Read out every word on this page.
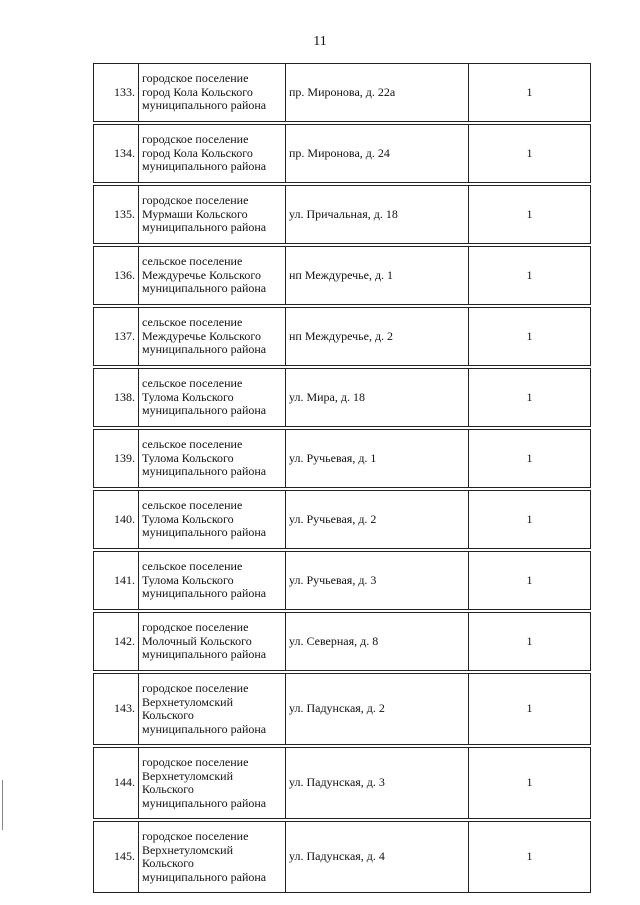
11
133.	городское поселение
город Кола Кольского
муниципального района	пр. Миронова, д. 22а	1

134.	городское поселение
город Кола Кольского
муниципального района	пр. Миронова, д. 24	1

135.	городское поселение
Мурмаши Кольского
муниципального района	ул. Причальная, д. 18	1

136.	сельское поселение
Междуречье Кольского
муниципального района	нп Междуречье, д. 1	1

137.	сельское поселение
Междуречье Кольского
муниципального района	нп Междуречье, д. 2	1

138.	сельское поселение
Тулома Кольского
муниципального района	ул. Мира, д. 18	1

139.	сельское поселение
Тулома Кольского
муниципального района	ул. Ручьевая, д. 1	1

140.	сельское поселение
Тулома Кольского
муниципального района	ул. Ручьевая, д. 2	1

141.	сельское поселение
Тулома Кольского
муниципального района	ул. Ручьевая, д. 3	1

142.	городское поселение
Молочный Кольского
муниципального района	ул. Северная, д. 8	1

143.	городское поселение
Верхнетуломский
Кольского
муниципального района	ул. Падунская, д. 2	1

144.	городское поселение
Верхнетуломский
Кольского
муниципального района	ул. Падунская, д. 3	1

145.	городское поселение
Верхнетуломский
Кольского
муниципального района	ул. Падунская, д. 4	1
